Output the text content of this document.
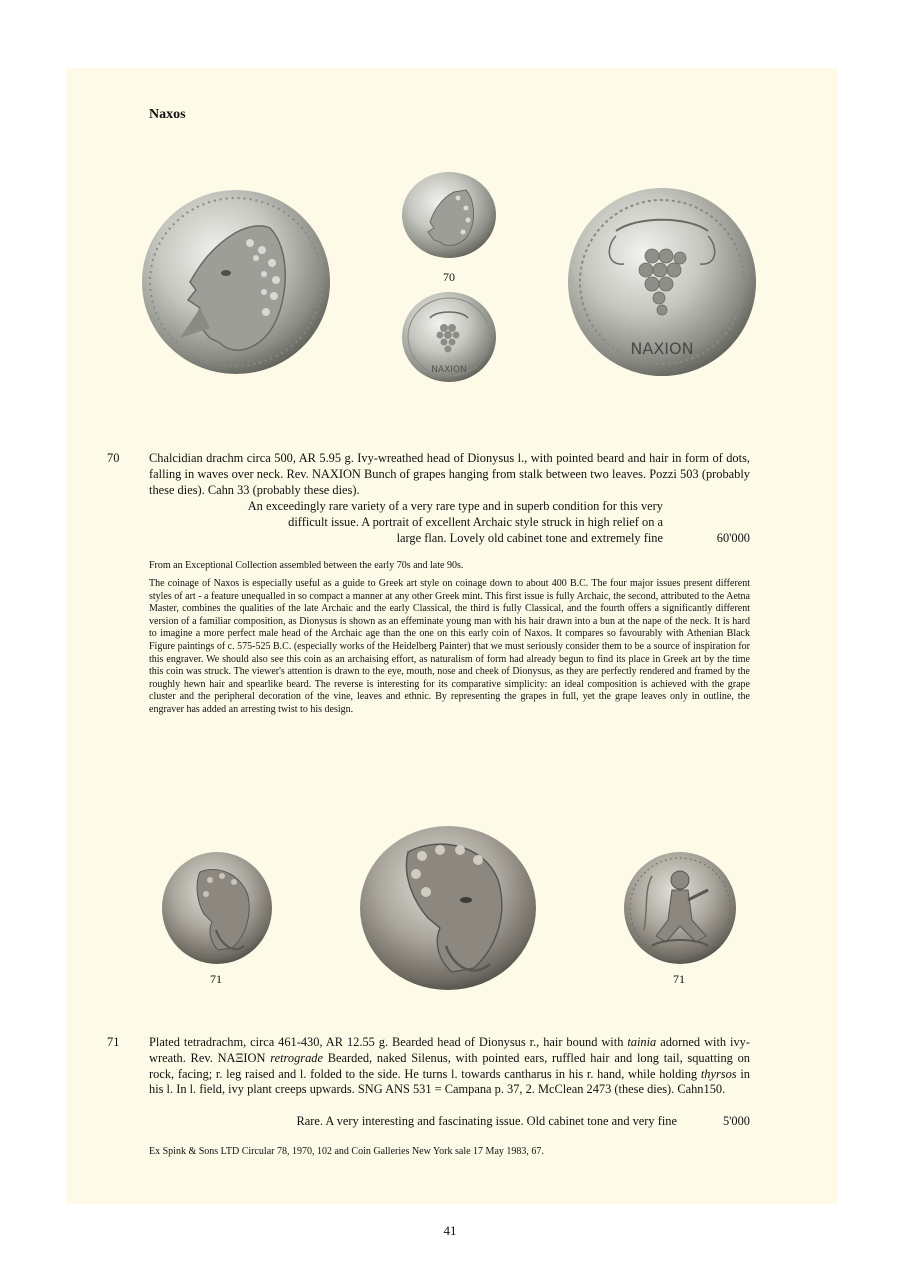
Naxos
70
NAXION
NAXION
70 Chalcidian drachm circa 500, AR 5.95 g. Ivy-wreathed head of Dionysus l., with pointed beard and hair in form of dots, falling in waves over neck. Rev. NAXION Bunch of grapes hanging from stalk between two leaves. Pozzi 503 (probably these dies). Cahn 33 (probably these dies).
An exceedingly rare variety of a very rare type and in superb condition for this very
difficult issue. A portrait of excellent Archaic style struck in high relief on a
large flan. Lovely old cabinet tone and extremely fine	60'000
From an Exceptional Collection assembled between the early 70s and late 90s.
The coinage of Naxos is especially useful as a guide to Greek art style on coinage down to about 400 B.C. The four major issues present different styles of art - a feature unequalled in so compact a manner at any other Greek mint. This first issue is fully Archaic, the second, attributed to the Aetna Master, combines the qualities of the late Archaic and the early Classical, the third is fully Classical, and the fourth offers a significantly different version of a familiar composition, as Dionysus is shown as an effeminate young man with his hair drawn into a bun at the nape of the neck. It is hard to imagine a more perfect male head of the Archaic age than the one on this early coin of Naxos. It compares so favourably with Athenian Black Figure paintings of c. 575-525 B.C. (especially works of the Heidelberg Painter) that we must seriously consider them to be a source of inspiration for this engraver. We should also see this coin as an archaising effort, as naturalism of form had already begun to find its place in Greek art by the time this coin was struck. The viewer's attention is drawn to the eye, mouth, nose and cheek of Dionysus, as they are perfectly rendered and framed by the roughly hewn hair and spearlike beard. The reverse is interesting for its comparative simplicity: an ideal composition is achieved with the grape cluster and the peripheral decoration of the vine, leaves and ethnic. By representing the grapes in full, yet the grape leaves only in outline, the engraver has added an arresting twist to his design.
71	71
71 Plated tetradrachm, circa 461-430, AR 12.55 g. Bearded head of Dionysus r., hair bound with tainia adorned with ivy-wreath. Rev. ΝΑΞΙΟΝ retrograde Bearded, naked Silenus, with pointed ears, ruffled hair and long tail, squatting on rock, facing; r. leg raised and l. folded to the side. He turns l. towards cantharus in his r. hand, while holding thyrsos in his l. In l. field, ivy plant creeps upwards. SNG ANS 531 = Campana p. 37, 2. McClean 2473 (these dies). Cahn150.
Rare. A very interesting and fascinating issue. Old cabinet tone and very fine	5'000
Ex Spink & Sons LTD Circular 78, 1970, 102 and Coin Galleries New York sale 17 May 1983, 67.
41
